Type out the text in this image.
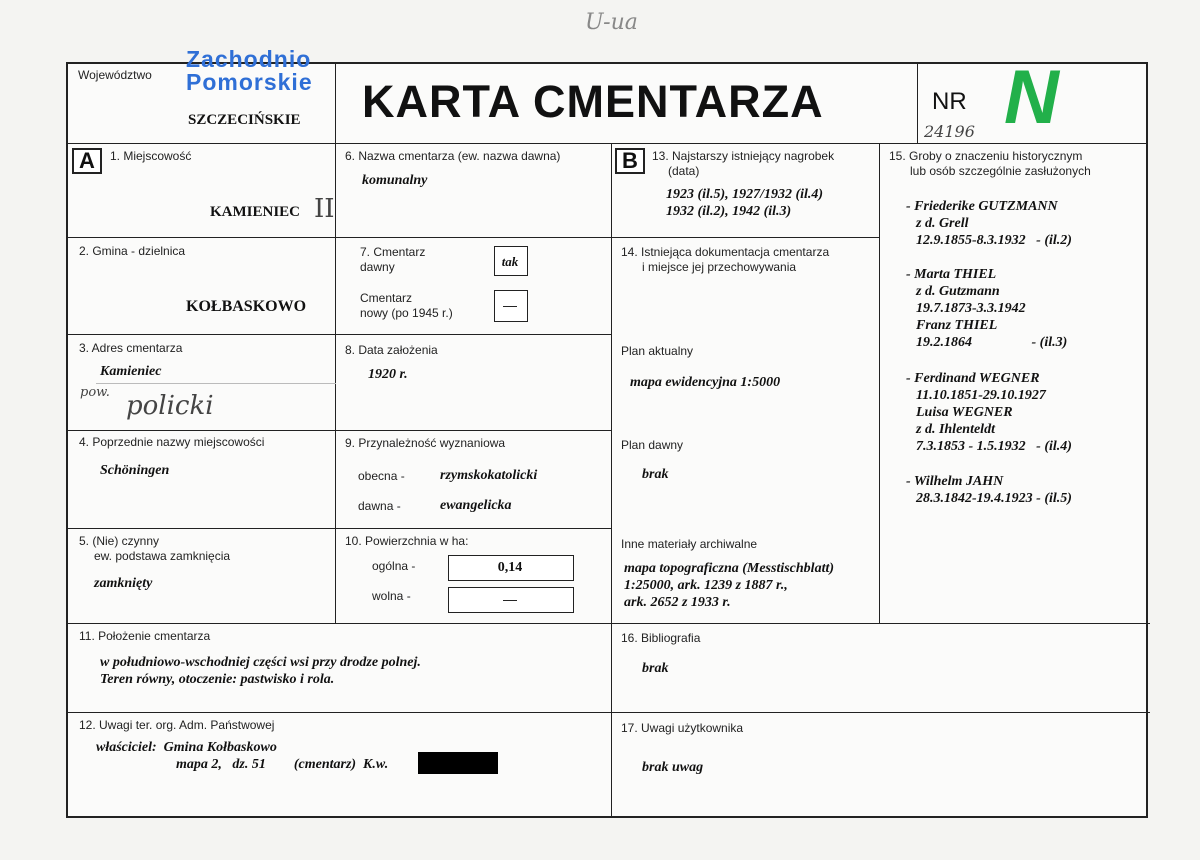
U-ua
Województwo
Zachodnio
Pomorskie
SZCZECIŃSKIE KARTA CMENTARZA	NR N
24196
A	1. Miejscowość
KAMIENIEC II
2. Gmina - dzielnica
KOŁBASKOWO
3. Adres cmentarza
Kamieniec
pow. policki
4. Poprzednie nazwy miejscowości
Schöningen
5. (Nie) czynny
ew. podstawa zamknięcia
zamknięty
6. Nazwa cmentarza (ew. nazwa dawna)
komunalny
7. Cmentarz
dawny	tak
Cmentarz
nowy (po 1945 r.)	—
8. Data założenia
1920 r.
9. Przynależność wyznaniowa
obecna -	rzymskokatolicki
dawna -	ewangelicka
10. Powierzchnia w ha:
ogólna -	0,14
wolna -	—
B	13. Najstarszy istniejący nagrobek
(data)
1923 (il.5), 1927/1932 (il.4)
1932 (il.2), 1942 (il.3)
14. Istniejąca dokumentacja cmentarza
i miejsce jej przechowywania
Plan aktualny
mapa ewidencyjna 1:5000
Plan dawny
brak
Inne materiały archiwalne
mapa topograficzna (Messtischblatt)
1:25000, ark. 1239 z 1887 r.,
ark. 2652 z 1933 r.
15. Groby o znaczeniu historycznym
lub osób szczególnie zasłużonych
- Friederike GUTZMANN
z d. Grell
12.9.1855-8.3.1932   - (il.2)
- Marta THIEL
z d. Gutzmann
19.7.1873-3.3.1942
Franz THIEL
19.2.1864                 - (il.3)
- Ferdinand WEGNER
11.10.1851-29.10.1927
Luisa WEGNER
z d. Ihlenteldt
7.3.1853 - 1.5.1932   - (il.4)
- Wilhelm JAHN
28.3.1842-19.4.1923 - (il.5)
11. Położenie cmentarza
w południowo-wschodniej części wsi przy drodze polnej.
Teren równy, otoczenie: pastwisko i rola.
16. Bibliografia
brak
12. Uwagi ter. org. Adm. Państwowej
właściciel:  Gmina Kołbaskowo
mapa 2,   dz. 51        (cmentarz)  K.w.
17. Uwagi użytkownika
brak uwag
